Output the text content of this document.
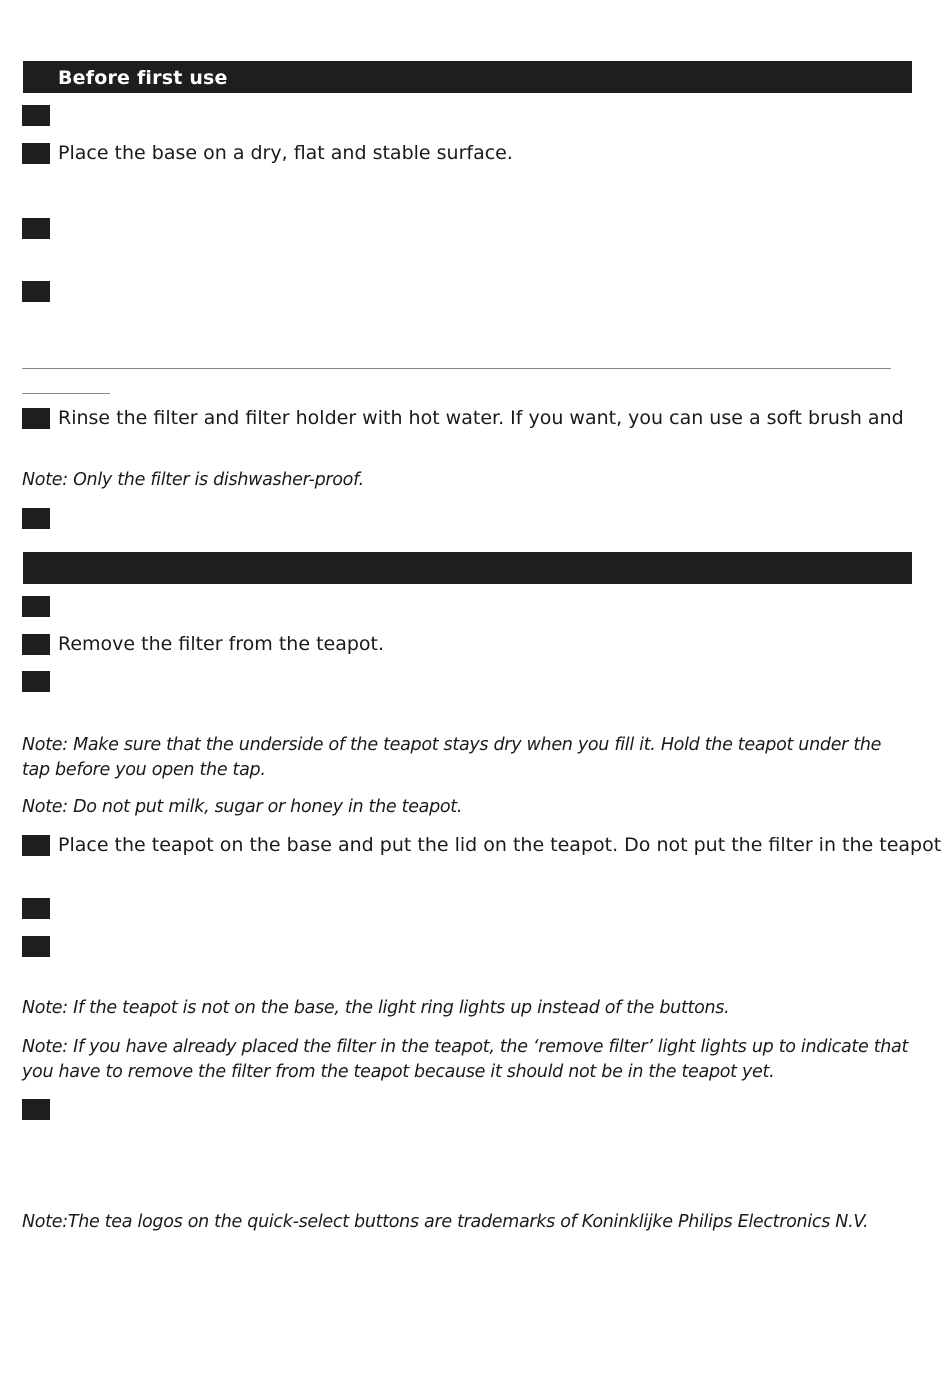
Before first use
Place the base on a dry, flat and stable surface.
Rinse the filter and filter holder with hot water. If you want, you can use a soft brush and
Note: Only the filter is dishwasher-proof.
Remove the filter from the teapot.
Note: Make sure that the underside of the teapot stays dry when you fill it. Hold the teapot under the tap before you open the tap.
Note: Do not put milk, sugar or honey in the teapot.
Place the teapot on the base and put the lid on the teapot. Do not put the filter in the teapot
Note: If the teapot is not on the base, the light ring lights up instead of the buttons.
Note: If you have already placed the filter in the teapot, the ‘remove filter’ light lights up to indicate that you have to remove the filter from the teapot because it should not be in the teapot yet.
Note:The tea logos on the quick-select buttons are trademarks of Koninklijke Philips Electronics N.V.
